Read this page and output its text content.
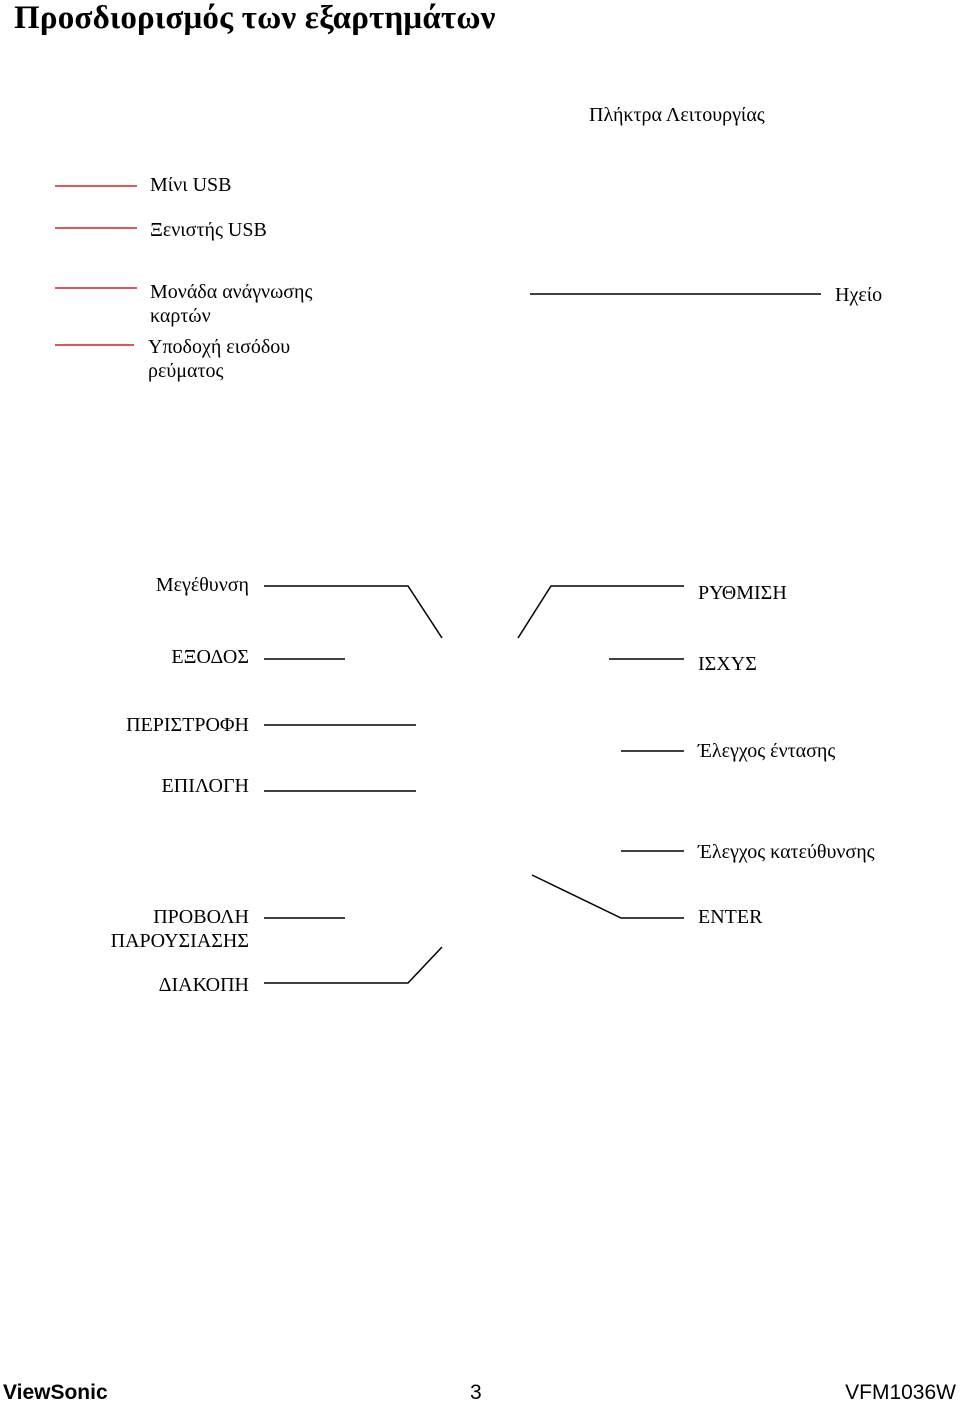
Προσδιορισμός των εξαρτημάτων
Πλήκτρα Λειτουργίας
Μίνι USB
Ξενιστής USB
Μονάδα ανάγνωσης καρτών
Υποδοχή εισόδου ρεύματος
Ηχείο
Μεγέθυνση
ΕΞΟΔΟΣ
ΠΕΡΙΣΤΡΟΦΗ
ΕΠΙΛΟΓΗ
ΠΡΟΒΟΛΗ ΠΑΡΟΥΣΙΑΣΗΣ
ΔΙΑΚΟΠΗ
ΡΥΘΜΙΣΗ
ΙΣΧΥΣ
Έλεγχος έντασης
Έλεγχος κατεύθυνσης
ENTER
ViewSonic	3	VFM1036W
